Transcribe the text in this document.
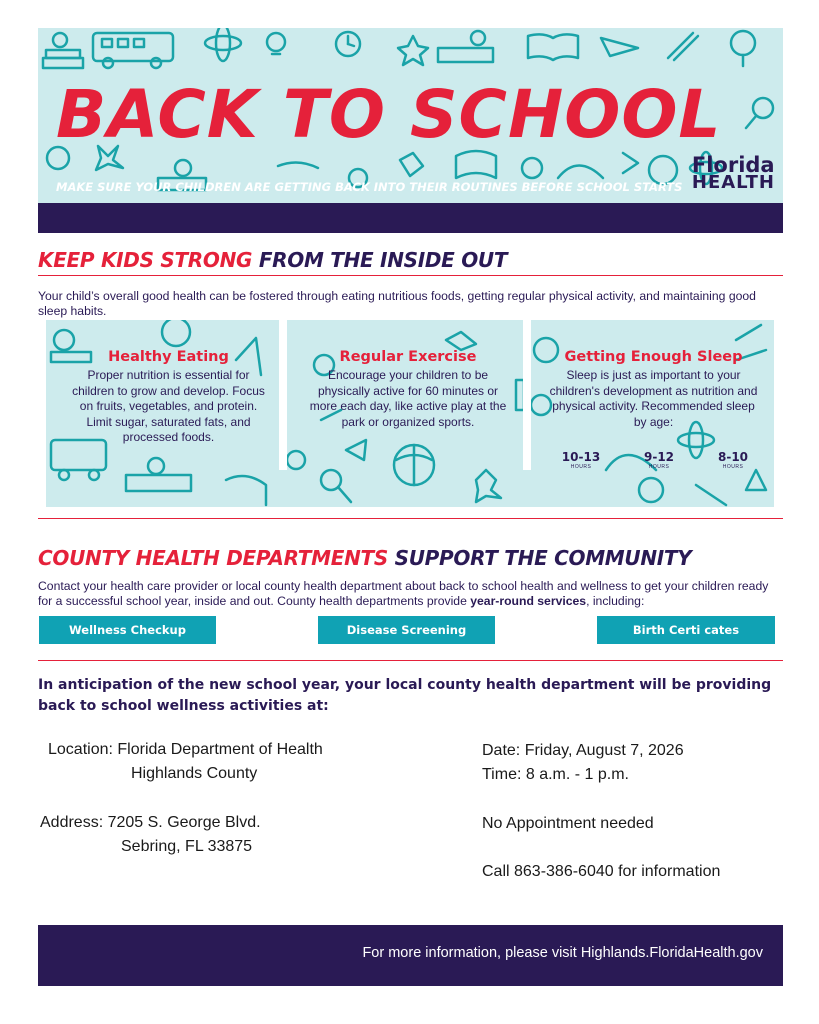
BACK TO SCHOOL
MAKE SURE YOUR CHILDREN ARE GETTING BACK INTO THEIR ROUTINES BEFORE SCHOOL STARTS
Florida
HEALTH
KEEP KIDS STRONG FROM THE INSIDE OUT
Your child’s overall good health can be fostered through eating nutritious foods, getting regular physical activity, and maintaining good sleep habits.
Healthy Eating
Proper nutrition is essential for children to grow and develop. Focus on fruits, vegetables, and protein. Limit sugar, saturated fats, and processed foods.
Regular Exercise
Encourage your children to be physically active for 60 minutes or more each day, like active play at the park or organized sports.
Getting Enough Sleep
Sleep is just as important to your children's development as nutrition and physical activity. Recommended sleep by age:
10-13
HOURS
9-12
HOURS
8-10
HOURS
COUNTY HEALTH DEPARTMENTS SUPPORT THE COMMUNITY
Contact your health care provider or local county health department about back to school health and wellness to get your children ready for a successful school year, inside and out. County health departments provide year-round services, including:
Wellness Checkup	Disease Screening	Birth Certi cates
In anticipation of the new school year, your local county health department will be providing back to school wellness activities at:
Location: Florida Department of Health
Highlands County
Address: 7205 S. George Blvd.
Sebring, FL 33875
Date: Friday, August 7, 2026
Time: 8 a.m. - 1 p.m.
No Appointment needed
Call 863-386-6040 for information
For more information, please visit Highlands.FloridaHealth.gov
